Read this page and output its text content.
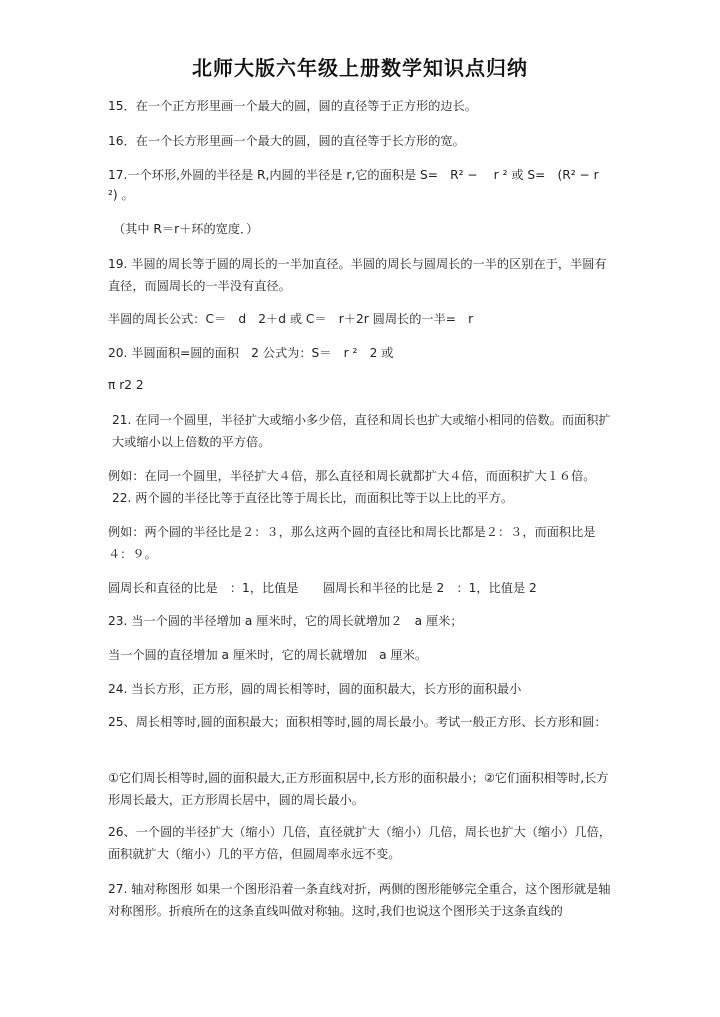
北师大版六年级上册数学知识点归纳
15．在一个正方形里画一个最大的圆，圆的直径等于正方形的边长。
16．在一个长方形里画一个最大的圆，圆的直径等于长方形的宽。
17.一个环形,外圆的半径是 R,内圆的半径是 r,它的面积是 S=　R² −　 r ² 或 S=　(R² − r
²) 。
（其中 R＝r＋环的宽度．）
19. 半圆的周长等于圆的周长的一半加直径。半圆的周长与圆周长的一半的区别在于，半圆有直径，而圆周长的一半没有直径。
半圆的周长公式：C＝　d　2＋d 或 C＝　r＋2r 圆周长的一半=　r
20. 半圆面积=圆的面积　2 公式为：S＝　r ²　2 或
π r2 2
21. 在同一个圆里，半径扩大或缩小多少倍，直径和周长也扩大或缩小相同的倍数。而面积扩大或缩小以上倍数的平方倍。
例如：在同一个圆里，半径扩大４倍，那么直径和周长就都扩大４倍，而面积扩大１６倍。
22. 两个圆的半径比等于直径比等于周长比，而面积比等于以上比的平方。
例如：两个圆的半径比是２：３，那么这两个圆的直径比和周长比都是２：３，而面积比是４：９。
圆周长和直径的比是　：1，比值是　　圆周长和半径的比是 2　：1，比值是 2
23. 当一个圆的半径增加 a 厘米时，它的周长就增加２　a 厘米；
当一个圆的直径增加 a 厘米时，它的周长就增加　a 厘米。
24. 当长方形，正方形，圆的周长相等时，圆的面积最大，长方形的面积最小
25、周长相等时,圆的面积最大；面积相等时,圆的周长最小。考试一般正方形、长方形和圆：
①它们周长相等时,圆的面积最大,正方形面积居中,长方形的面积最小；②它们面积相等时,长方形周长最大，正方形周长居中，圆的周长最小。
26、一个圆的半径扩大（缩小）几倍，直径就扩大（缩小）几倍，周长也扩大（缩小）几倍，面积就扩大（缩小）几的平方倍，但圆周率永远不变。
27. 轴对称图形 如果一个图形沿着一条直线对折，两侧的图形能够完全重合，这个图形就是轴对称图形。折痕所在的这条直线叫做对称轴。这时,我们也说这个图形关于这条直线的
